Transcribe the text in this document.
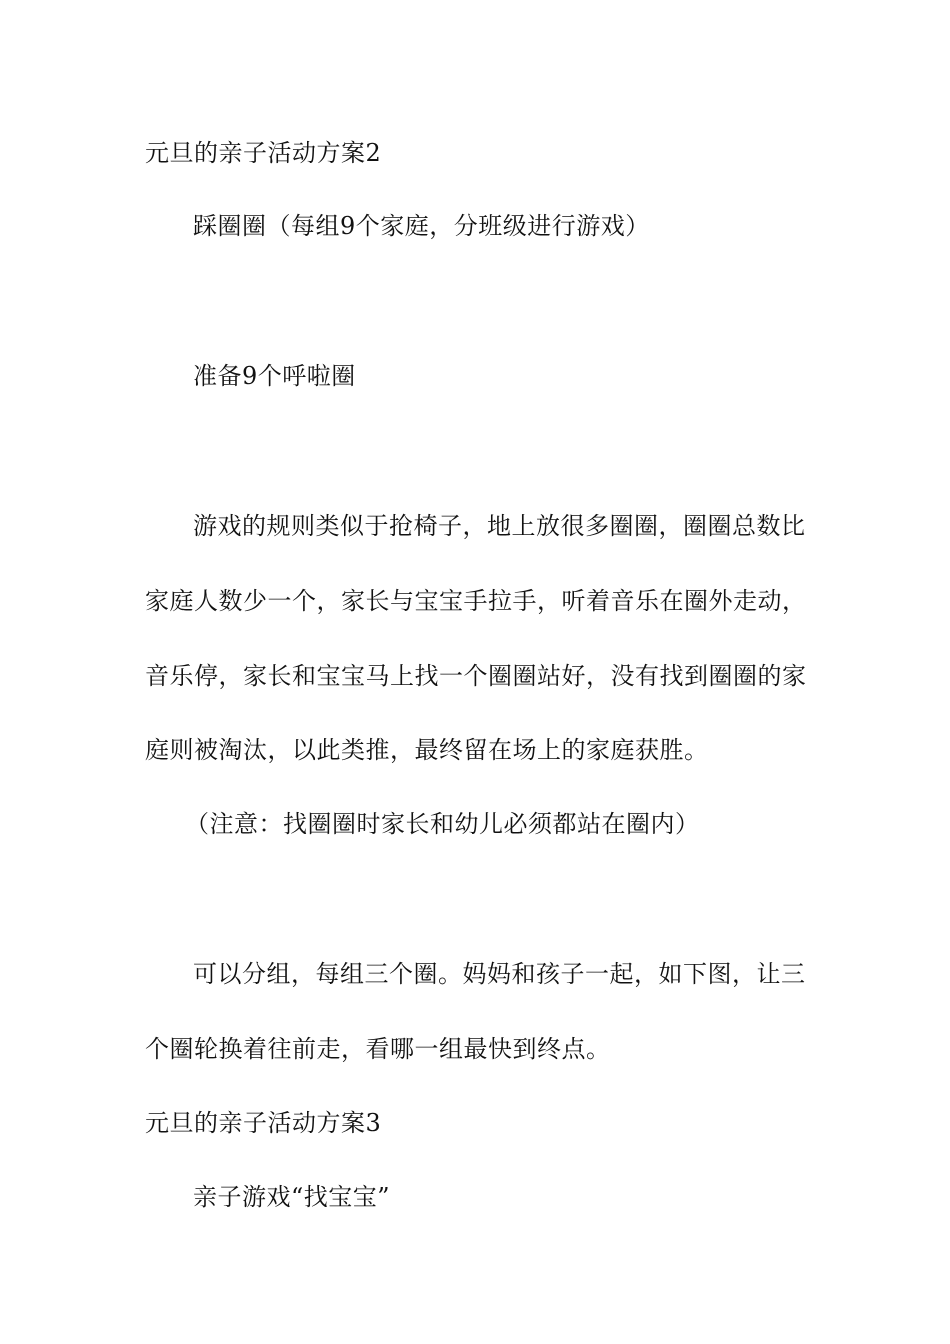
元旦的亲子活动方案2
踩圈圈（每组9个家庭，分班级进行游戏）
准备9个呼啦圈
游戏的规则类似于抢椅子，地上放很多圈圈，圈圈总数比
家庭人数少一个，家长与宝宝手拉手，听着音乐在圈外走动，
音乐停，家长和宝宝马上找一个圈圈站好，没有找到圈圈的家
庭则被淘汰，以此类推，最终留在场上的家庭获胜。
（注意：找圈圈时家长和幼儿必须都站在圈内）
可以分组，每组三个圈。妈妈和孩子一起，如下图，让三
个圈轮换着往前走，看哪一组最快到终点。
元旦的亲子活动方案3
亲子游戏“找宝宝”
